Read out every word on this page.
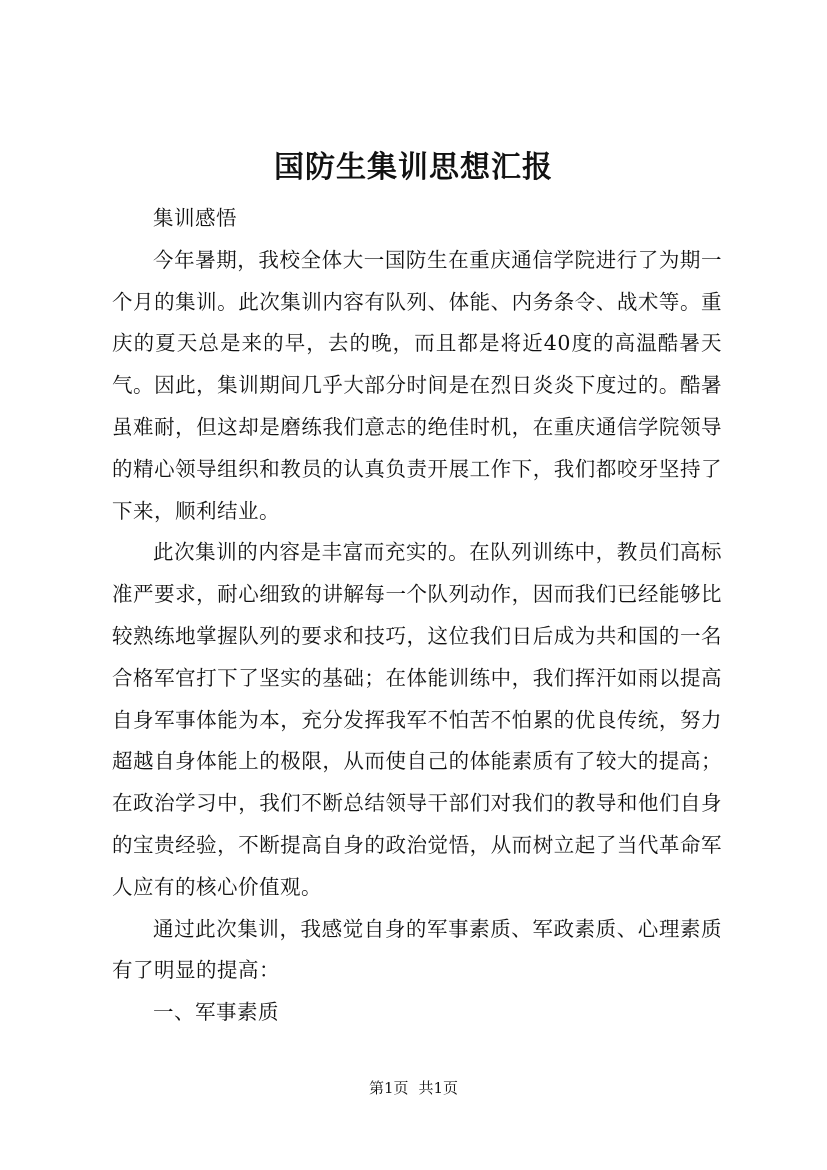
国防生集训思想汇报

集训感悟

今年暑期，我校全体大一国防生在重庆通信学院进行了为期一个月的集训。此次集训内容有队列、体能、内务条令、战术等。重庆的夏天总是来的早，去的晚，而且都是将近40度的高温酷暑天气。因此，集训期间几乎大部分时间是在烈日炎炎下度过的。酷暑虽难耐，但这却是磨练我们意志的绝佳时机，在重庆通信学院领导的精心领导组织和教员的认真负责开展工作下，我们都咬牙坚持了下来，顺利结业。

此次集训的内容是丰富而充实的。在队列训练中，教员们高标准严要求，耐心细致的讲解每一个队列动作，因而我们已经能够比较熟练地掌握队列的要求和技巧，这位我们日后成为共和国的一名合格军官打下了坚实的基础；在体能训练中，我们挥汗如雨以提高自身军事体能为本，充分发挥我军不怕苦不怕累的优良传统，努力超越自身体能上的极限，从而使自己的体能素质有了较大的提高；在政治学习中，我们不断总结领导干部们对我们的教导和他们自身的宝贵经验，不断提高自身的政治觉悟，从而树立起了当代革命军人应有的核心价值观。

通过此次集训，我感觉自身的军事素质、军政素质、心理素质有了明显的提高：

一、军事素质

第1页 共1页
